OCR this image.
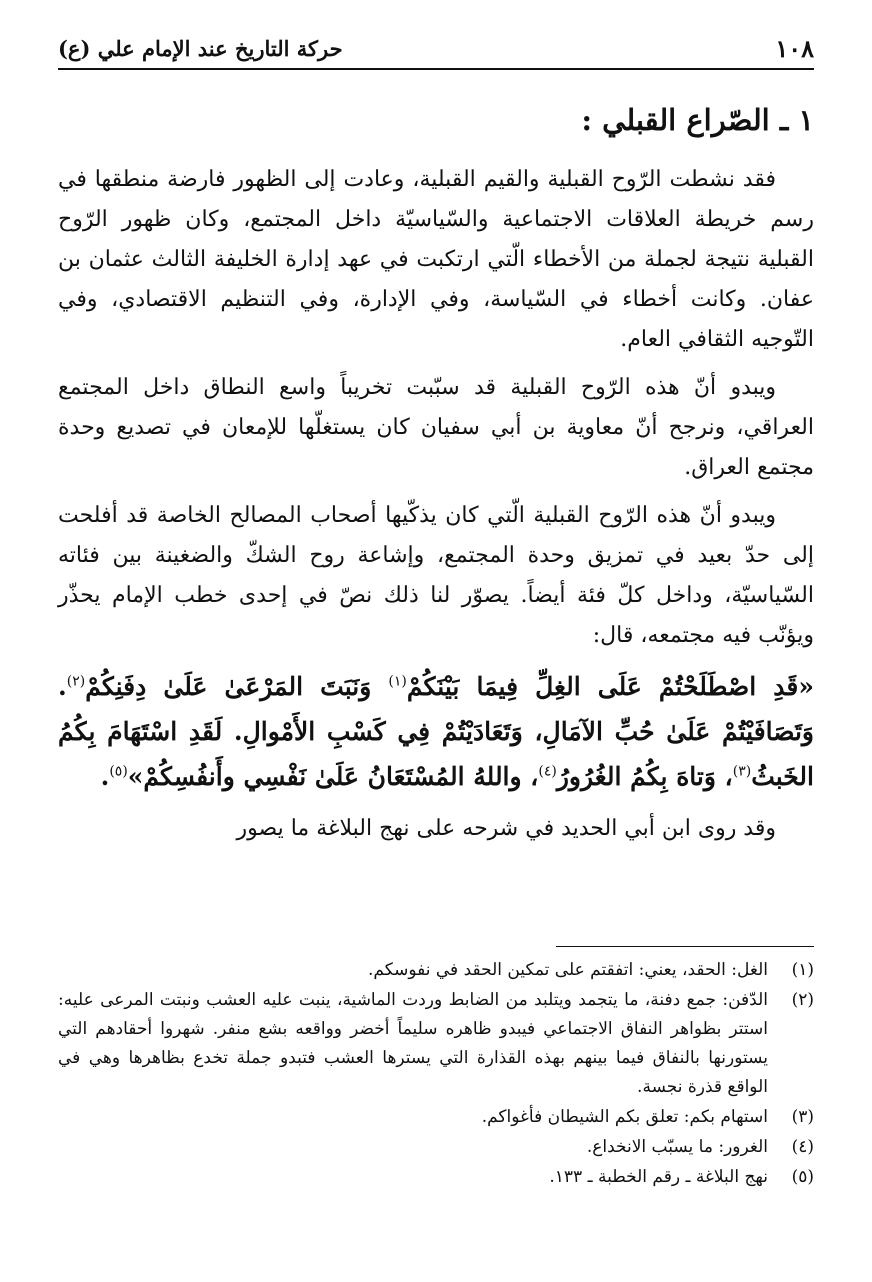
١٠٨
حركة التاريخ عند الإمام علي (ع)
١ ـ الصّراع القبلي :

فقد نشطت الرّوح القبلية والقيم القبلية، وعادت إلى الظهور فارضة منطقها في رسم خريطة العلاقات الاجتماعية والسّياسيّة داخل المجتمع، وكان ظهور الرّوح القبلية نتيجة لجملة من الأخطاء الّتي ارتكبت في عهد إدارة الخليفة الثالث عثمان بن عفان. وكانت أخطاء في السّياسة، وفي الإدارة، وفي التنظيم الاقتصادي، وفي التّوجيه الثقافي العام.

ويبدو أنّ هذه الرّوح القبلية قد سبّبت تخريباً واسع النطاق داخل المجتمع العراقي، ونرجح أنّ معاوية بن أبي سفيان كان يستغلّها للإمعان في تصديع وحدة مجتمع العراق.

ويبدو أنّ هذه الرّوح القبلية الّتي كان يذكّيها أصحاب المصالح الخاصة قد أفلحت إلى حدّ بعيد في تمزيق وحدة المجتمع، وإشاعة روح الشكّ والضغينة بين فئاته السّياسيّة، وداخل كلّ فئة أيضاً. يصوّر لنا ذلك نصّ في إحدى خطب الإمام يحذّر ويؤنّب فيه مجتمعه، قال:

«قَدِ اصْطَلَحْتُمْ عَلَى الغِلِّ فِيمَا بَيْنَكُمْ$^{(١)}$ وَنَبَتَ المَرْعَىٰ عَلَىٰ دِفَنِكُمْ$^{(٢)}$. وَتَصَافَيْتُمْ عَلَىٰ حُبِّ الآمَالِ، وَتَعَادَيْتُمْ فِي كَسْبِ الأَمْوالِ. لَقَدِ اسْتَهَامَ بِكُمُ الخَبثُ$^{(٣)}$، وَتاهَ بِكُمُ الغُرُورُ$^{(٤)}$، واللهُ المُسْتَعَانُ عَلَىٰ نَفْسِي وأَنفُسِكُمْ»$^{(٥)}$.

وقد روى ابن أبي الحديد في شرحه على نهج البلاغة ما يصور

(١)
الغل: الحقد، يعني: اتفقتم على تمكين الحقد في نفوسكم.
(٢)
الدّفن: جمع دفنة، ما يتجمد ويتلبد من الضابط وردت الماشية، ينبت عليه العشب ونبتت المرعى عليه: استتر بظواهر النفاق الاجتماعي فيبدو ظاهره سليماً أخضر وواقعه بشع منفر. شهروا أحقادهم التي يستورنها بالنفاق فيما بينهم بهذه القذارة التي يسترها العشب فتبدو جملة تخدع بظاهرها وهي في الواقع قذرة نجسة.
(٣)
استهام بكم: تعلق بكم الشيطان فأغواكم.
(٤)
الغرور: ما يسبّب الانخداع.
(٥)
نهج البلاغة ـ رقم الخطبة ـ ١٣٣.
